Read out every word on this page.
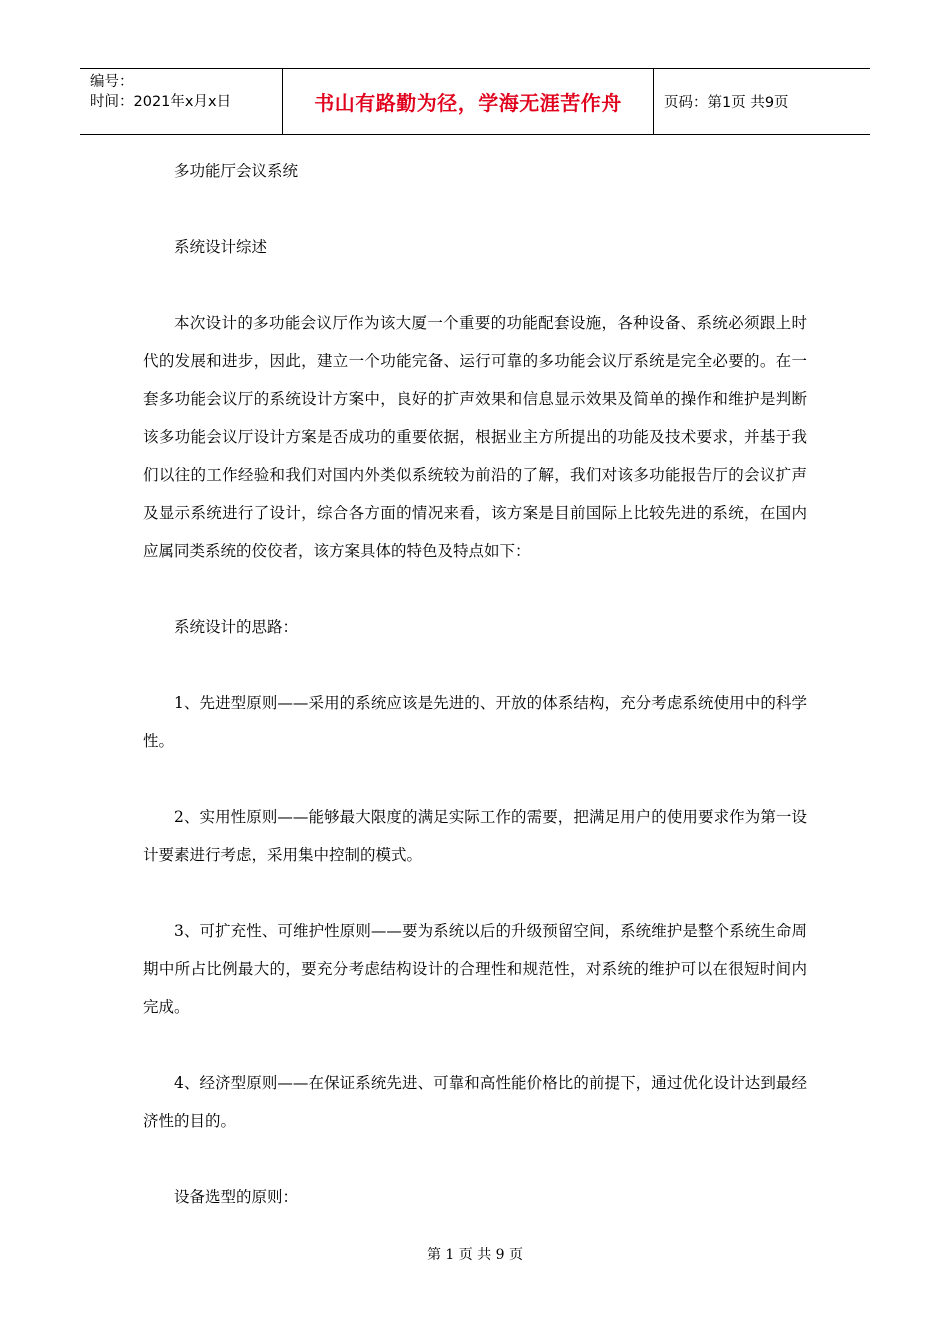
编号：
时间：2021年x月x日	书山有路勤为径，学海无涯苦作舟	页码：第1页 共9页

多功能厅会议系统

系统设计综述

本次设计的多功能会议厅作为该大厦一个重要的功能配套设施，各种设备、系统必须跟上时代的发展和进步，因此，建立一个功能完备、运行可靠的多功能会议厅系统是完全必要的。在一套多功能会议厅的系统设计方案中，良好的扩声效果和信息显示效果及简单的操作和维护是判断该多功能会议厅设计方案是否成功的重要依据，根据业主方所提出的功能及技术要求，并基于我们以往的工作经验和我们对国内外类似系统较为前沿的了解，我们对该多功能报告厅的会议扩声及显示系统进行了设计，综合各方面的情况来看，该方案是目前国际上比较先进的系统，在国内应属同类系统的佼佼者，该方案具体的特色及特点如下：

系统设计的思路：

1、先进型原则——采用的系统应该是先进的、开放的体系结构，充分考虑系统使用中的科学性。

2、实用性原则——能够最大限度的满足实际工作的需要，把满足用户的使用要求作为第一设计要素进行考虑，采用集中控制的模式。

3、可扩充性、可维护性原则——要为系统以后的升级预留空间，系统维护是整个系统生命周期中所占比例最大的，要充分考虑结构设计的合理性和规范性，对系统的维护可以在很短时间内完成。

4、经济型原则——在保证系统先进、可靠和高性能价格比的前提下，通过优化设计达到最经济性的目的。

设备选型的原则：

第 1 页 共 9 页
